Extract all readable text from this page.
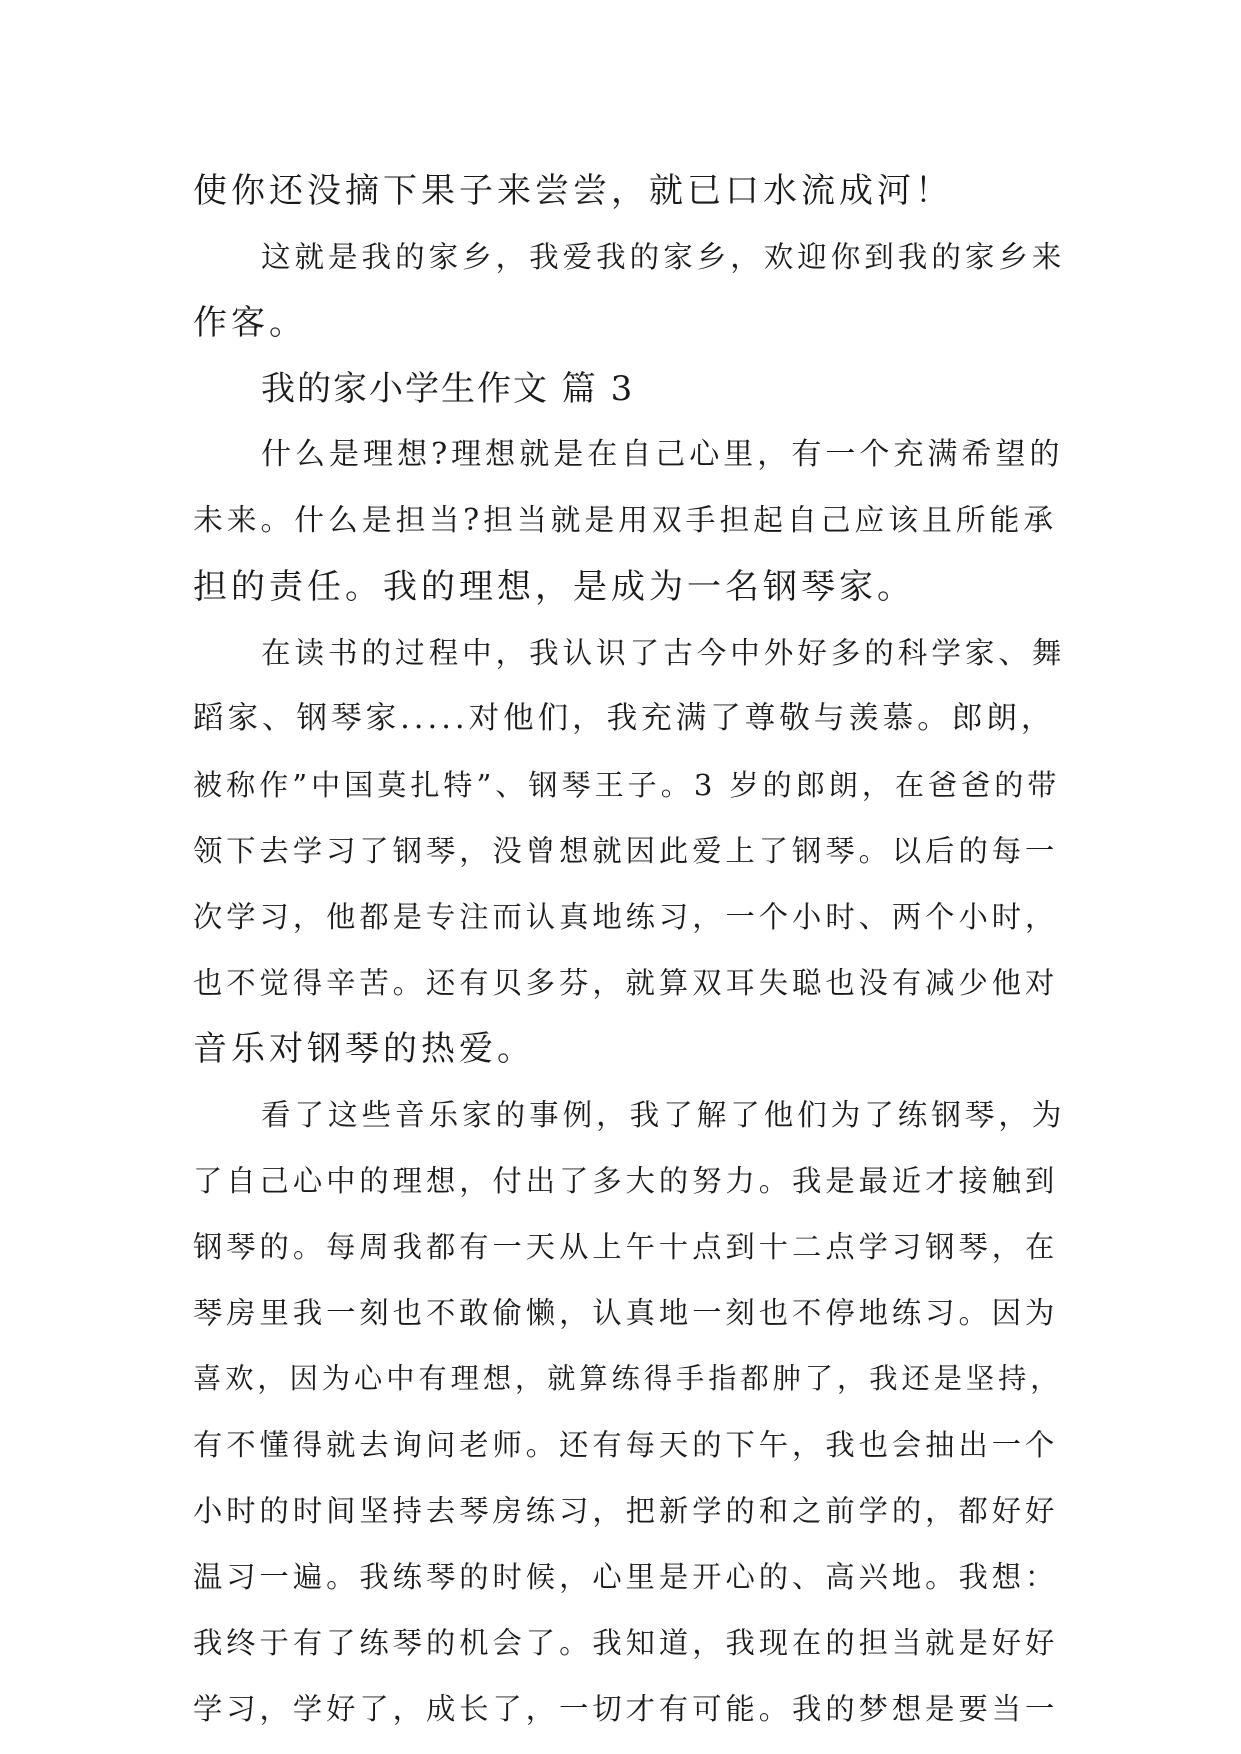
使你还没摘下果子来尝尝，就已口水流成河！
这就是我的家乡，我爱我的家乡，欢迎你到我的家乡来
作客。
我的家小学生作文 篇 3
什么是理想?理想就是在自己心里，有一个充满希望的
未来。什么是担当?担当就是用双手担起自己应该且所能承
担的责任。我的理想，是成为一名钢琴家。
在读书的过程中，我认识了古今中外好多的科学家、舞
蹈家、钢琴家.....对他们，我充满了尊敬与羡慕。郎朗，
被称作”中国莫扎特”、钢琴王子。3 岁的郎朗，在爸爸的带
领下去学习了钢琴，没曾想就因此爱上了钢琴。以后的每一
次学习，他都是专注而认真地练习，一个小时、两个小时，
也不觉得辛苦。还有贝多芬，就算双耳失聪也没有减少他对
音乐对钢琴的热爱。
看了这些音乐家的事例，我了解了他们为了练钢琴，为
了自己心中的理想，付出了多大的努力。我是最近才接触到
钢琴的。每周我都有一天从上午十点到十二点学习钢琴，在
琴房里我一刻也不敢偷懒，认真地一刻也不停地练习。因为
喜欢，因为心中有理想，就算练得手指都肿了，我还是坚持，
有不懂得就去询问老师。还有每天的下午，我也会抽出一个
小时的时间坚持去琴房练习，把新学的和之前学的，都好好
温习一遍。我练琴的时候，心里是开心的、高兴地。我想：
我终于有了练琴的机会了。我知道，我现在的担当就是好好
学习，学好了，成长了，一切才有可能。我的梦想是要当一
